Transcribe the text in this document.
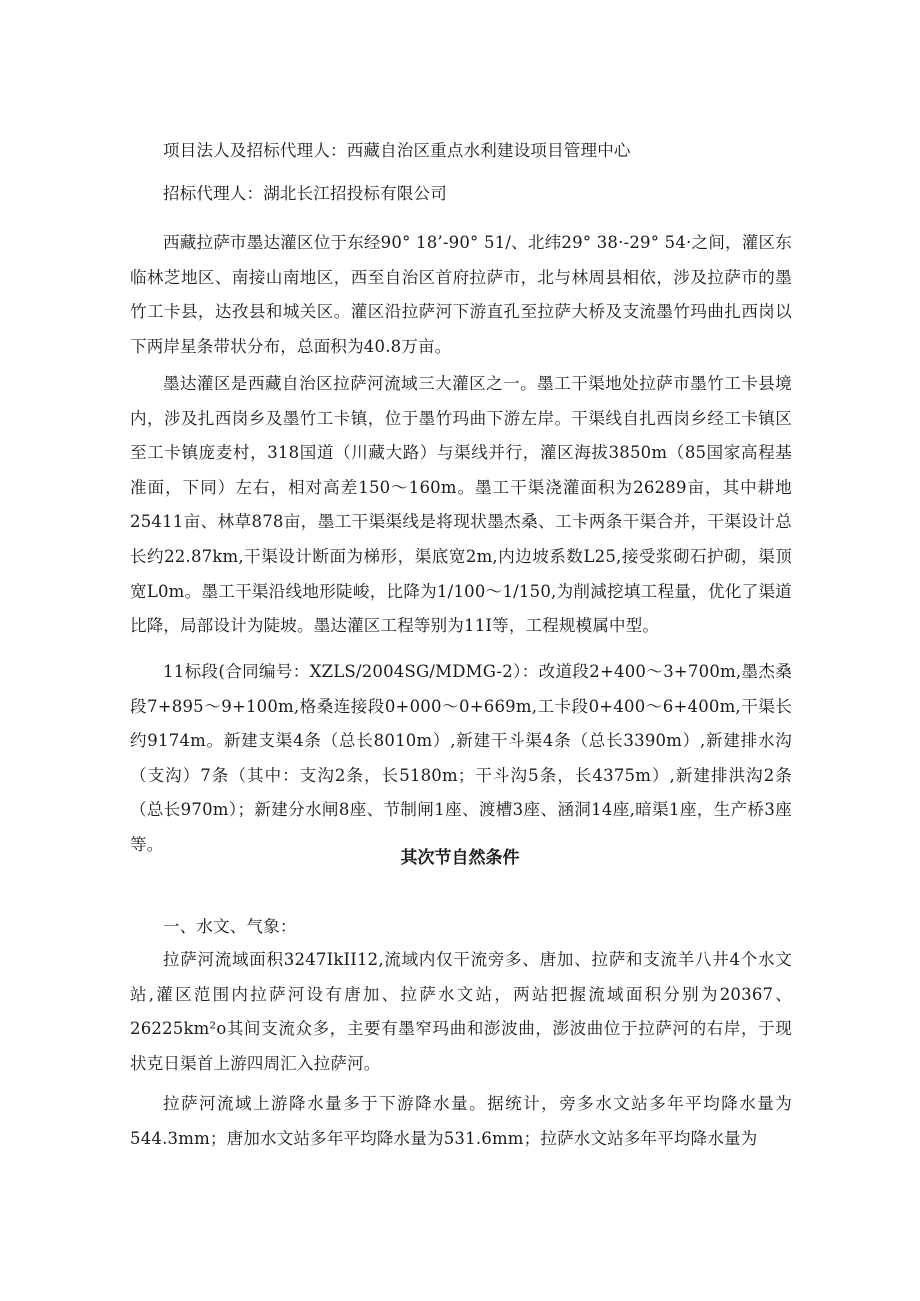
项目法人及招标代理人：西藏自治区重点水利建设项目管理中心

招标代理人：湖北长江招投标有限公司

西藏拉萨市墨达灌区位于东经90° 18’-90° 51/、北纬29° 38·-29° 54·之间，灌区东临林芝地区、南接山南地区，西至自治区首府拉萨市，北与林周县相依，涉及拉萨市的墨竹工卡县，达孜县和城关区。灌区沿拉萨河下游直孔至拉萨大桥及支流墨竹玛曲扎西岗以下两岸星条带状分布，总面积为40.8万亩。

墨达灌区是西藏自治区拉萨河流域三大灌区之一。墨工干渠地处拉萨市墨竹工卡县境内，涉及扎西岗乡及墨竹工卡镇，位于墨竹玛曲下游左岸。干渠线自扎西岗乡经工卡镇区至工卡镇庞麦村，318国道（川藏大路）与渠线并行，灌区海拔3850m（85国家高程基准面，下同）左右，相对高差150～160m。墨工干渠浇灌面积为26289亩，其中耕地25411亩、林草878亩，墨工干渠渠线是将现状墨杰桑、工卡两条干渠合并，干渠设计总长约22.87km,干渠设计断面为梯形，渠底宽2m,内边坡系数L25,接受浆砌石护砌，渠顶宽L0m。墨工干渠沿线地形陡峻，比降为1/100～1/150,为削減挖填工程量，优化了渠道比降，局部设计为陡坡。墨达灌区工程等别为11I等，工程规模属中型。

11标段(合同编号：XZLS/2004SG/MDMG-2）：改道段2+400～3+700m,墨杰桑段7+895～9+100m,格桑连接段0+000～0+669m,工卡段0+400～6+400m,干渠长约9174m。新建支渠4条（总长8010m）,新建干斗渠4条（总长3390m）,新建排水沟（支沟）7条（其中：支沟2条，长5180m；干斗沟5条，长4375m）,新建排洪沟2条（总长970m）；新建分水闸8座、节制闸1座、渡槽3座、涵洞14座,暗渠1座，生产桥3座等。

其次节自然条件

一、水文、气象：

拉萨河流域面积3247IkII12,流域内仅干流旁多、唐加、拉萨和支流羊八井4个水文站,灌区范围内拉萨河设有唐加、拉萨水文站，两站把握流域面积分别为20367、26225km²o其间支流众多，主要有墨窄玛曲和澎波曲，澎波曲位于拉萨河的右岸，于现状克日渠首上游四周汇入拉萨河。

拉萨河流域上游降水量多于下游降水量。据统计，旁多水文站多年平均降水量为544.3mm；唐加水文站多年平均降水量为531.6mm；拉萨水文站多年平均降水量为
